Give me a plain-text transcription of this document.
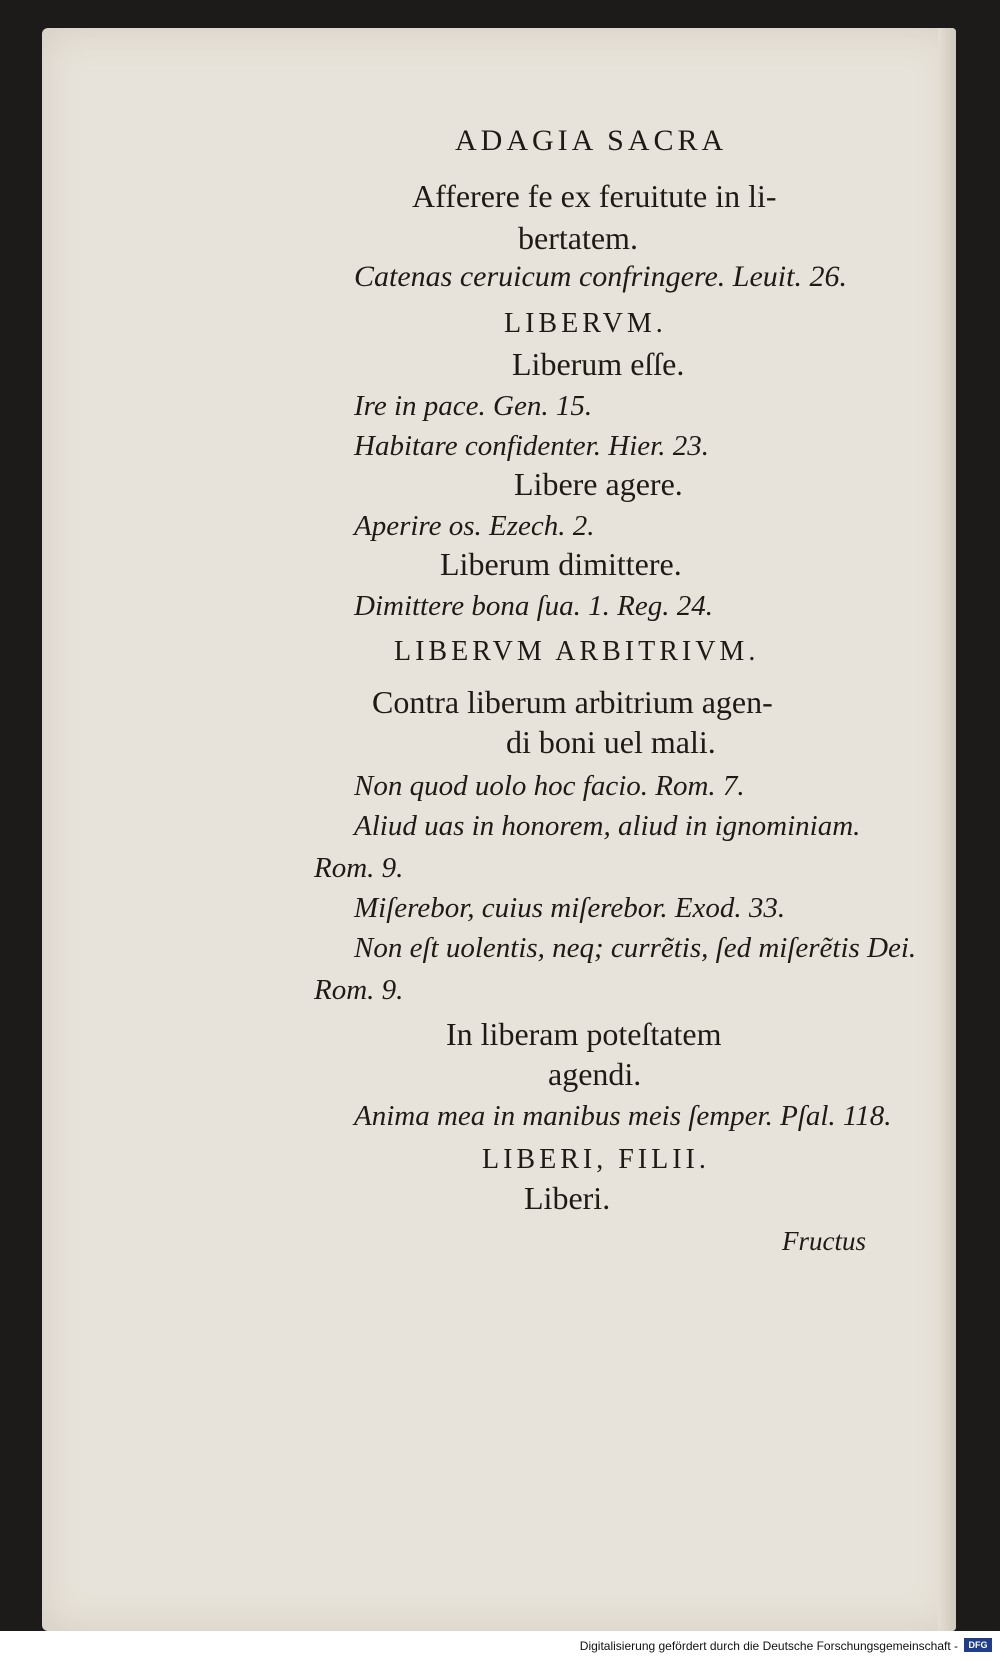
ADAGIA SACRA
Afferere fe ex feruitute in li-
bertatem.
Catenas ceruicum confringere. Leuit. 26.
LIBERVM.
Liberum eſſe.
Ire in pace. Gen. 15.
Habitare confidenter. Hier. 23.
Libere agere.
Aperire os. Ezech. 2.
Liberum dimittere.
Dimittere bona ſua. 1. Reg. 24.
LIBERVM ARBITRIVM.
Contra liberum arbitrium agen-
di boni uel mali.
Non quod uolo hoc facio. Rom. 7.
Aliud uas in honorem, aliud in ignominiam.
Rom. 9.
Miſerebor, cuius miſerebor. Exod. 33.
Non eſt uolentis, neq; currẽtis, ſed miſerẽtis Dei.
Rom. 9.
In liberam poteſtatem
agendi.
Anima mea in manibus meis ſemper. Pſal. 118.
LIBERI, FILII.
Liberi.
Fructus
Digitalisierung gefördert durch die Deutsche Forschungsgemeinschaft -	DFG
